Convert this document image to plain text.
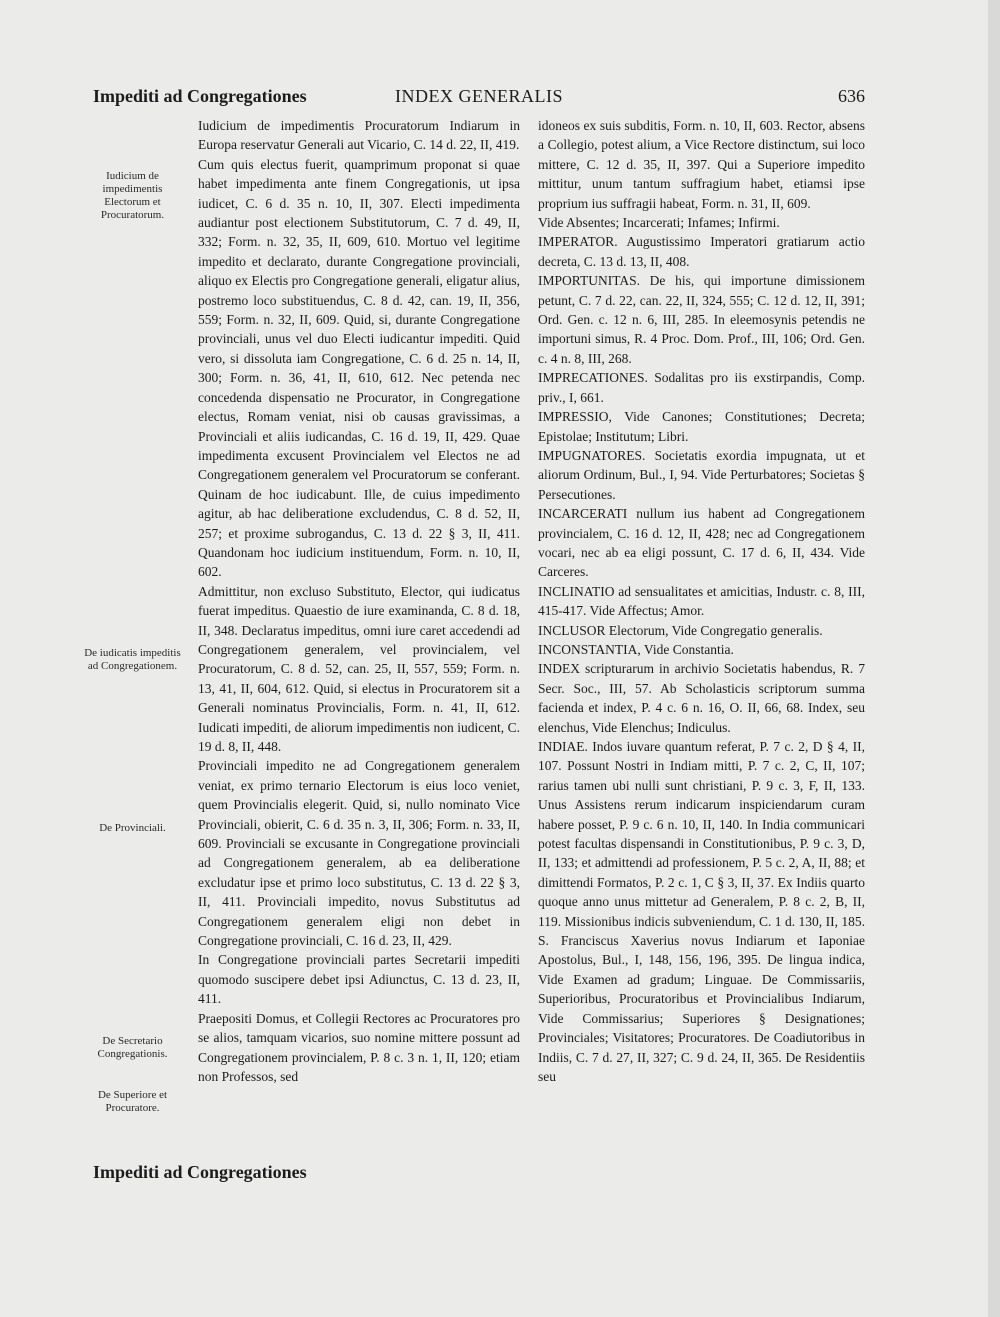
Impediti ad Congregationes	INDEX GENERALIS	636
Iudicium de impedimentis Electorum et Procuratorum.
De iudicatis impeditis ad Congregationem.
De Provinciali.
De Secretario Congregationis.
De Superiore et Procuratore.

Iudicium de impedimentis Procuratorum Indiarum in Europa reservatur Generali aut Vicario, C. 14 d. 22, II, 419.

Cum quis electus fuerit, quamprimum proponat si quae habet impedimenta ante finem Congregationis, ut ipsa iudicet, C. 6 d. 35 n. 10, II, 307. Electi impedimenta audiantur post electionem Substitutorum, C. 7 d. 49, II, 332; Form. n. 32, 35, II, 609, 610. Mortuo vel legitime impedito et declarato, durante Congregatione provinciali, aliquo ex Electis pro Congregatione generali, eligatur alius, postremo loco substituendus, C. 8 d. 42, can. 19, II, 356, 559; Form. n. 32, II, 609. Quid, si, durante Congregatione provinciali, unus vel duo Electi iudicantur impediti. Quid vero, si dissoluta iam Congregatione, C. 6 d. 25 n. 14, II, 300; Form. n. 36, 41, II, 610, 612. Nec petenda nec concedenda dispensatio ne Procurator, in Congregatione electus, Romam veniat, nisi ob causas gravissimas, a Provinciali et aliis iudicandas, C. 16 d. 19, II, 429. Quae impedimenta excusent Provincialem vel Electos ne ad Congregationem generalem vel Procuratorum se conferant. Quinam de hoc iudicabunt. Ille, de cuius impedimento agitur, ab hac deliberatione excludendus, C. 8 d. 52, II, 257; et proxime subrogandus, C. 13 d. 22 § 3, II, 411. Quandonam hoc iudicium instituendum, Form. n. 10, II, 602.

Admittitur, non excluso Substituto, Elector, qui iudicatus fuerat impeditus. Quaestio de iure examinanda, C. 8 d. 18, II, 348. Declaratus impeditus, omni iure caret accedendi ad Congregationem generalem, vel provincialem, vel Procuratorum, C. 8 d. 52, can. 25, II, 557, 559; Form. n. 13, 41, II, 604, 612. Quid, si electus in Procuratorem sit a Generali nominatus Provincialis, Form. n. 41, II, 612. Iudicati impediti, de aliorum impedimentis non iudicent, C. 19 d. 8, II, 448.

Provinciali impedito ne ad Congregationem generalem veniat, ex primo ternario Electorum is eius loco veniet, quem Provincialis elegerit. Quid, si, nullo nominato Vice Provinciali, obierit, C. 6 d. 35 n. 3, II, 306; Form. n. 33, II, 609. Provinciali se excusante in Congregatione provinciali ad Congregationem generalem, ab ea deliberatione excludatur ipse et primo loco substitutus, C. 13 d. 22 § 3, II, 411. Provinciali impedito, novus Substitutus ad Congregationem generalem eligi non debet in Congregatione provinciali, C. 16 d. 23, II, 429.

In Congregatione provinciali partes Secretarii impediti quomodo suscipere debet ipsi Adiunctus, C. 13 d. 23, II, 411.

Praepositi Domus, et Collegii Rectores ac Procuratores pro se alios, tamquam vicarios, suo nomine mittere possunt ad Congregationem provincialem, P. 8 c. 3 n. 1, II, 120; etiam non Professos, sed

idoneos ex suis subditis, Form. n. 10, II, 603. Rector, absens a Collegio, potest alium, a Vice Rectore distinctum, sui loco mittere, C. 12 d. 35, II, 397. Qui a Superiore impedito mittitur, unum tantum suffragium habet, etiamsi ipse proprium ius suffragii habeat, Form. n. 31, II, 609.

Vide Absentes; Incarcerati; Infames; Infirmi.

IMPERATOR. Augustissimo Imperatori gratiarum actio decreta, C. 13 d. 13, II, 408.

IMPORTUNITAS. De his, qui importune dimissionem petunt, C. 7 d. 22, can. 22, II, 324, 555; C. 12 d. 12, II, 391; Ord. Gen. c. 12 n. 6, III, 285. In eleemosynis petendis ne importuni simus, R. 4 Proc. Dom. Prof., III, 106; Ord. Gen. c. 4 n. 8, III, 268.

IMPRECATIONES. Sodalitas pro iis exstirpandis, Comp. priv., I, 661.

IMPRESSIO, Vide Canones; Constitutiones; Decreta; Epistolae; Institutum; Libri.

IMPUGNATORES. Societatis exordia impugnata, ut et aliorum Ordinum, Bul., I, 94. Vide Perturbatores; Societas § Persecutiones.

INCARCERATI nullum ius habent ad Congregationem provincialem, C. 16 d. 12, II, 428; nec ad Congregationem vocari, nec ab ea eligi possunt, C. 17 d. 6, II, 434. Vide Carceres.

INCLINATIO ad sensualitates et amicitias, Industr. c. 8, III, 415-417. Vide Affectus; Amor.

INCLUSOR Electorum, Vide Congregatio generalis.

INCONSTANTIA, Vide Constantia.

INDEX scripturarum in archivio Societatis habendus, R. 7 Secr. Soc., III, 57. Ab Scholasticis scriptorum summa facienda et index, P. 4 c. 6 n. 16, O. II, 66, 68. Index, seu elenchus, Vide Elenchus; Indiculus.

INDIAE. Indos iuvare quantum referat, P. 7 c. 2, D § 4, II, 107. Possunt Nostri in Indiam mitti, P. 7 c. 2, C, II, 107; rarius tamen ubi nulli sunt christiani, P. 9 c. 3, F, II, 133. Unus Assistens rerum indicarum inspiciendarum curam habere posset, P. 9 c. 6 n. 10, II, 140. In India communicari potest facultas dispensandi in Constitutionibus, P. 9 c. 3, D, II, 133; et admittendi ad professionem, P. 5 c. 2, A, II, 88; et dimittendi Formatos, P. 2 c. 1, C § 3, II, 37. Ex Indiis quarto quoque anno unus mittetur ad Generalem, P. 8 c. 2, B, II, 119. Missionibus indicis subveniendum, C. 1 d. 130, II, 185. S. Franciscus Xaverius novus Indiarum et Iaponiae Apostolus, Bul., I, 148, 156, 196, 395. De lingua indica, Vide Examen ad gradum; Linguae. De Commissariis, Superioribus, Procuratoribus et Provincialibus Indiarum, Vide Commissarius; Superiores § Designationes; Provinciales; Visitatores; Procuratores. De Coadiutoribus in Indiis, C. 7 d. 27, II, 327; C. 9 d. 24, II, 365. De Residentiis seu

Impediti ad Congregationes
